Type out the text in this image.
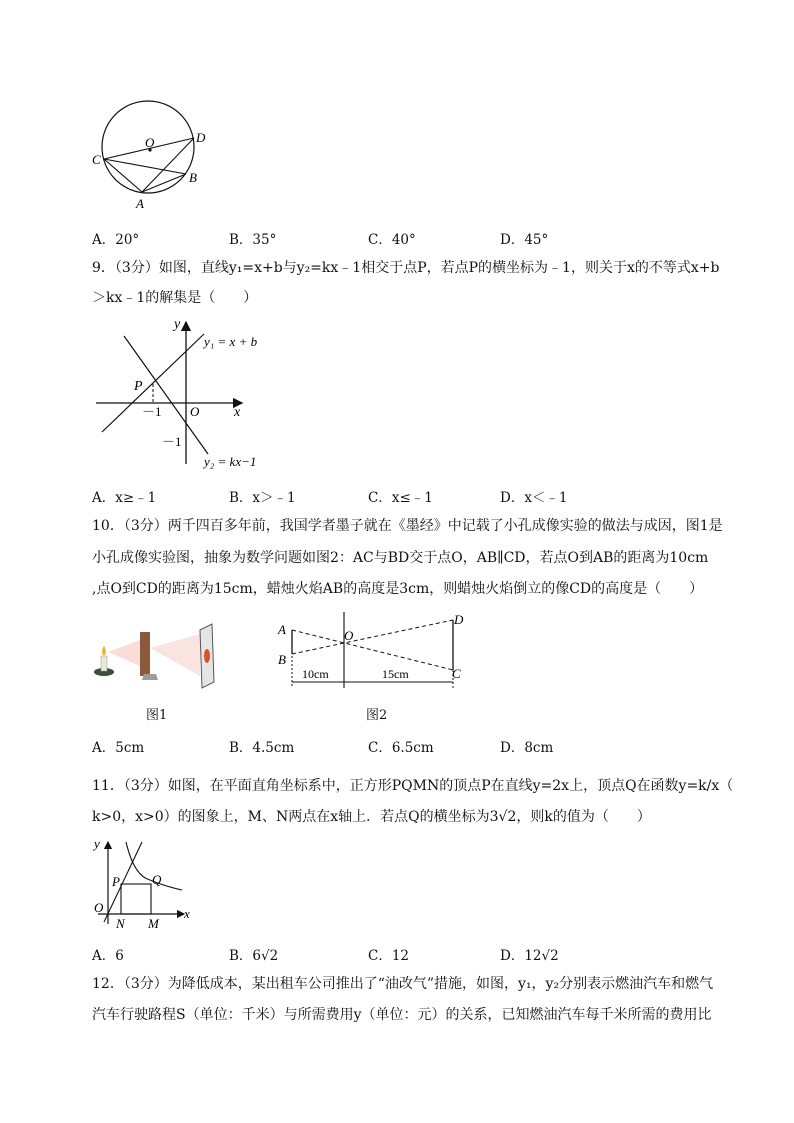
O	D
C
B
A
A．20°	B．35°	C．40°	D．45°
9．（3分）如图，直线y₁=x+b与y₂=kx﹣1相交于点P，若点P的横坐标为﹣1，则关于x的不等式x+b
＞kx﹣1的解集是（　　）
y
x
O
P
－1
－1
y₁ = x + b
y₂ = kx−1
A．x≥﹣1	B．x＞﹣1	C．x≤﹣1	D．x＜﹣1
10．（3分）两千四百多年前，我国学者墨子就在《墨经》中记载了小孔成像实验的做法与成因，图1是
小孔成像实验图，抽象为数学问题如图2：AC与BD交于点O，AB∥CD，若点O到AB的距离为10cm
,点O到CD的距离为15cm，蜡烛火焰AB的高度是3cm，则蜡烛火焰倒立的像CD的高度是（　　）
图1
A
B
O
D
C
10cm	15cm
图2
A．5cm	B．4.5cm	C．6.5cm	D．8cm
11．（3分）如图，在平面直角坐标系中，正方形PQMN的顶点P在直线y=2x上，顶点Q在函数y=k/x（
k>0，x>0）的图象上，M、N两点在x轴上．若点Q的横坐标为3√2，则k的值为（　　）
y
x
O
P Q
N M
A．6	B．6√2	C．12	D．12√2
12．（3分）为降低成本，某出租车公司推出了“油改气”措施，如图，y₁，y₂分别表示燃油汽车和燃气
汽车行驶路程S（单位：千米）与所需费用y（单位：元）的关系，已知燃油汽车每千米所需的费用比
